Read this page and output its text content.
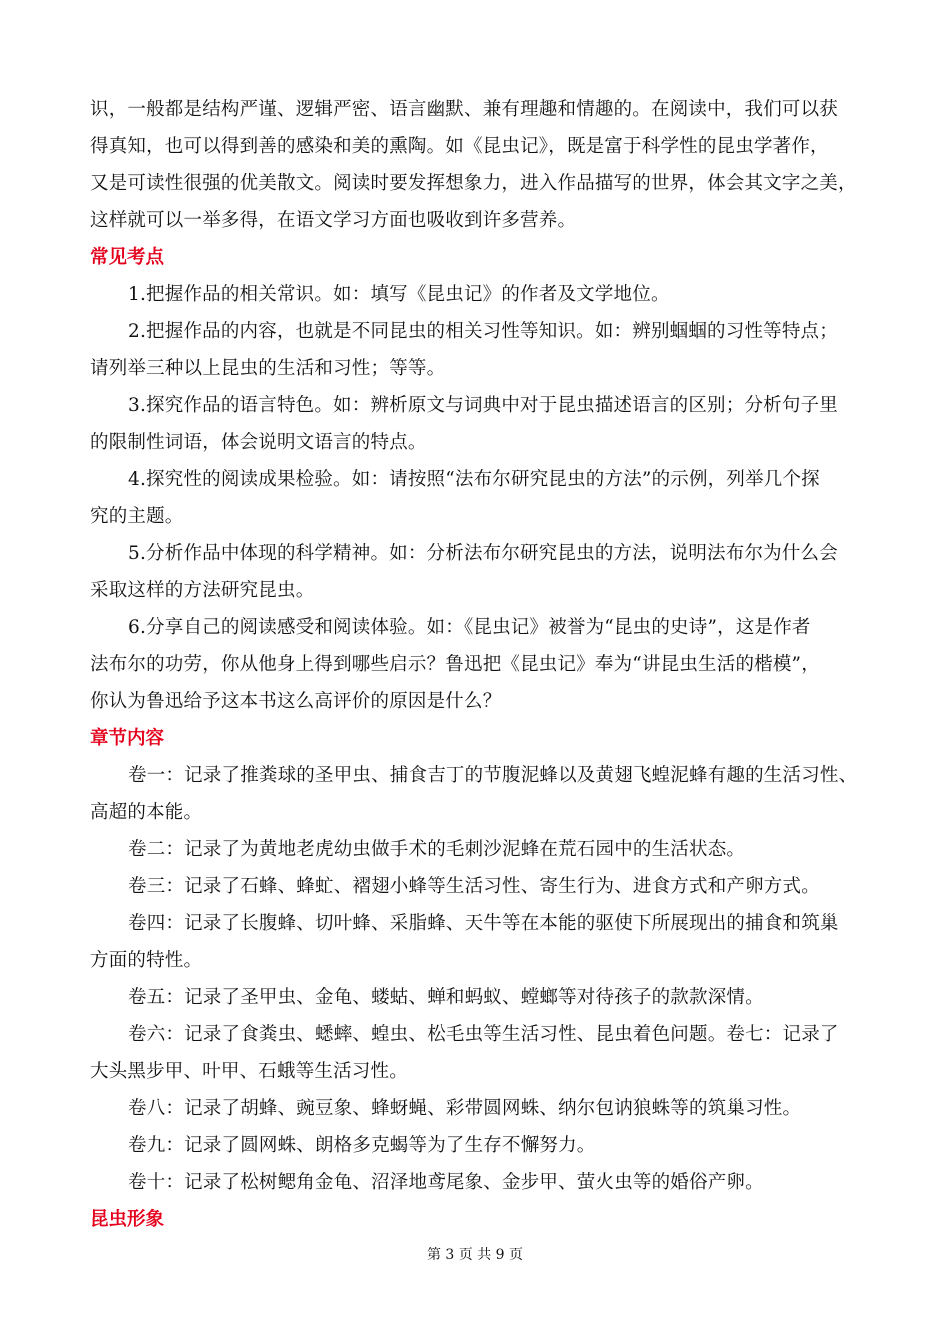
识，一般都是结构严谨、逻辑严密、语言幽默、兼有理趣和情趣的。在阅读中，我们可以获
得真知，也可以得到善的感染和美的熏陶。如《昆虫记》，既是富于科学性的昆虫学著作，
又是可读性很强的优美散文。阅读时要发挥想象力，进入作品描写的世界，体会其文字之美，
这样就可以一举多得，在语文学习方面也吸收到许多营养。
常见考点
1.把握作品的相关常识。如：填写《昆虫记》的作者及文学地位。
2.把握作品的内容，也就是不同昆虫的相关习性等知识。如：辨别蝈蝈的习性等特点；
请列举三种以上昆虫的生活和习性；等等。
3.探究作品的语言特色。如：辨析原文与词典中对于昆虫描述语言的区别；分析句子里
的限制性词语，体会说明文语言的特点。
4.探究性的阅读成果检验。如：请按照“法布尔研究昆虫的方法”的示例，列举几个探
究的主题。
5.分析作品中体现的科学精神。如：分析法布尔研究昆虫的方法，说明法布尔为什么会
采取这样的方法研究昆虫。
6.分享自己的阅读感受和阅读体验。如：《昆虫记》被誉为“昆虫的史诗”，这是作者
法布尔的功劳，你从他身上得到哪些启示？鲁迅把《昆虫记》奉为“讲昆虫生活的楷模”，
你认为鲁迅给予这本书这么高评价的原因是什么？
章节内容
卷一：记录了推粪球的圣甲虫、捕食吉丁的节腹泥蜂以及黄翅飞蝗泥蜂有趣的生活习性、
高超的本能。
卷二：记录了为黄地老虎幼虫做手术的毛刺沙泥蜂在荒石园中的生活状态。
卷三：记录了石蜂、蜂虻、褶翅小蜂等生活习性、寄生行为、进食方式和产卵方式。
卷四：记录了长腹蜂、切叶蜂、采脂蜂、天牛等在本能的驱使下所展现出的捕食和筑巢
方面的特性。
卷五：记录了圣甲虫、金龟、蝼蛄、蝉和蚂蚁、螳螂等对待孩子的款款深情。
卷六：记录了食粪虫、蟋蟀、蝗虫、松毛虫等生活习性、昆虫着色问题。卷七：记录了
大头黑步甲、叶甲、石蛾等生活习性。
卷八：记录了胡蜂、豌豆象、蜂蚜蝇、彩带圆网蛛、纳尔包讷狼蛛等的筑巢习性。
卷九：记录了圆网蛛、朗格多克蝎等为了生存不懈努力。
卷十：记录了松树鳃角金龟、沼泽地鸢尾象、金步甲、萤火虫等的婚俗产卵。
昆虫形象
第 3 页 共 9 页
